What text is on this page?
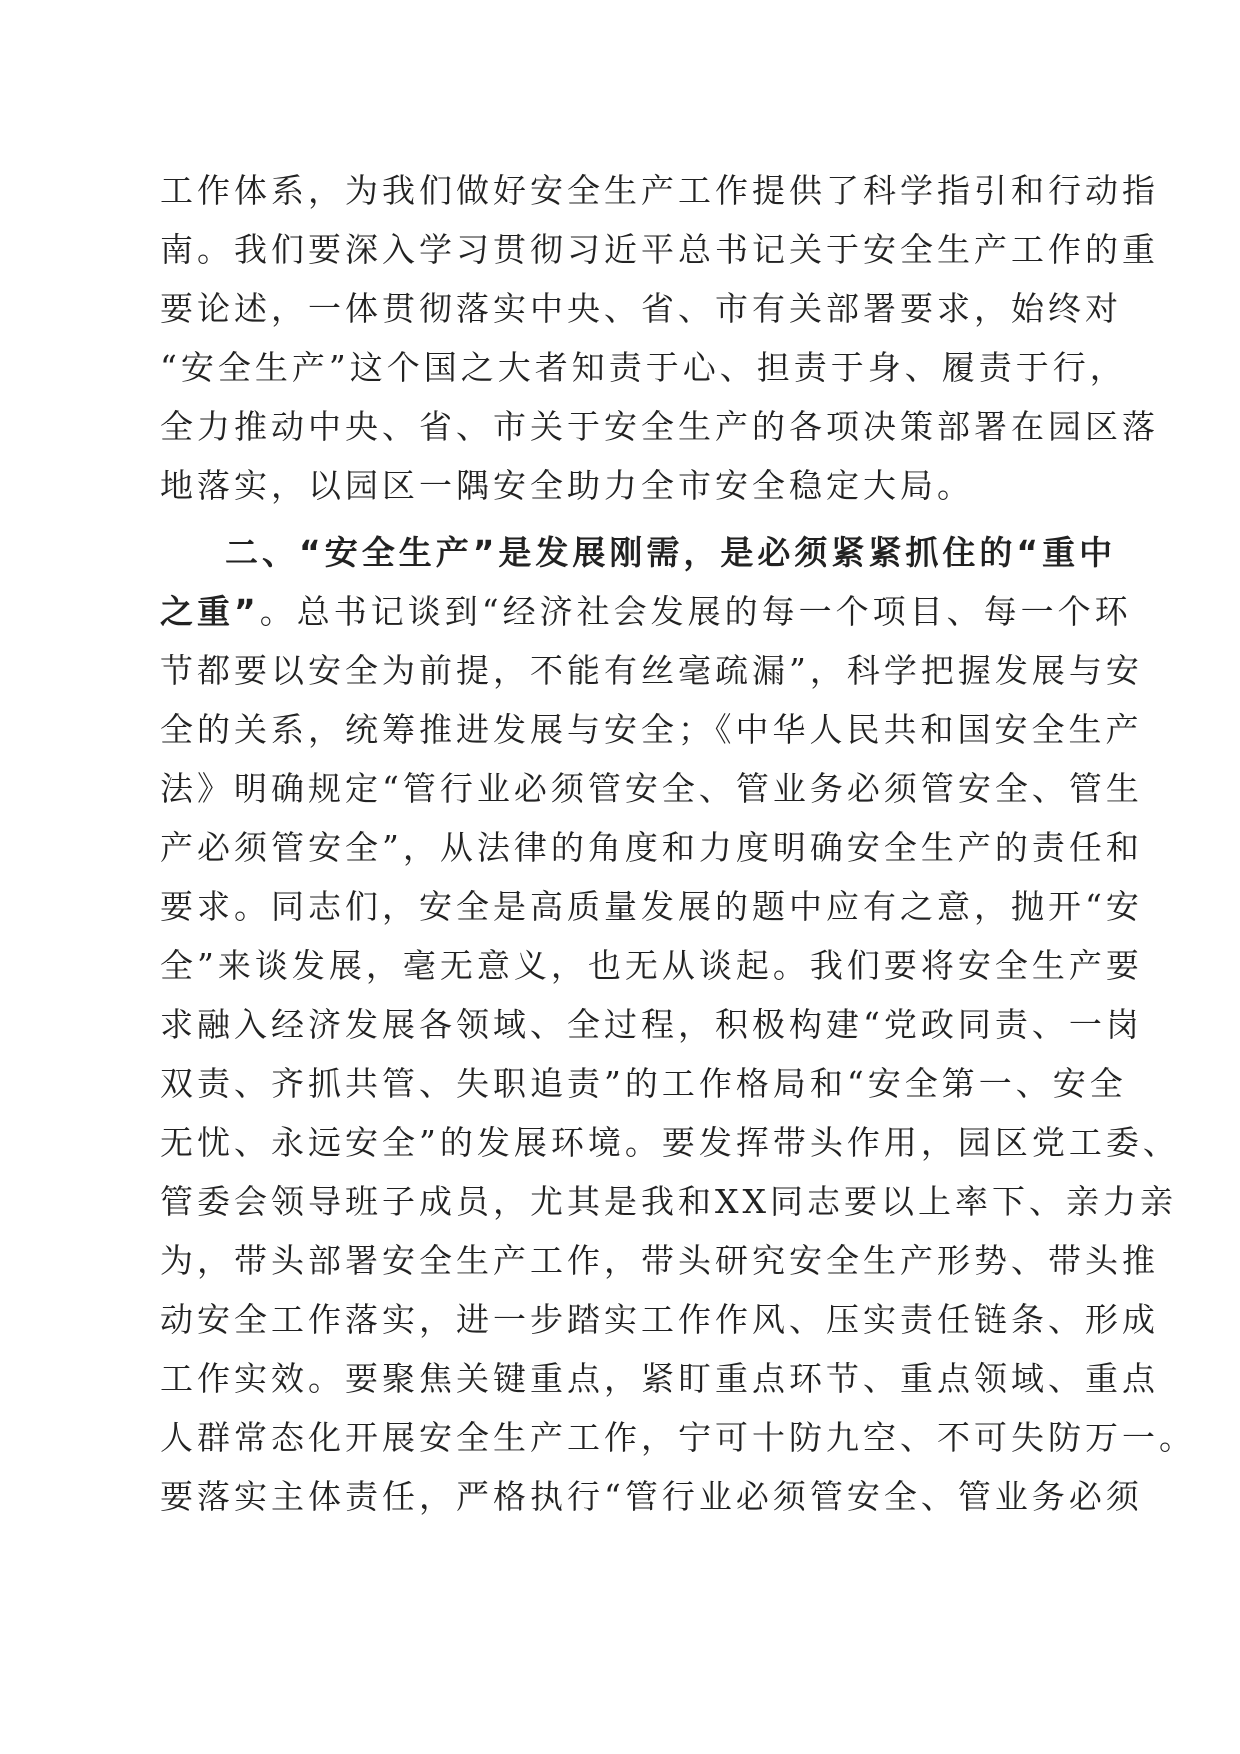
工作体系，为我们做好安全生产工作提供了科学指引和行动指
南。我们要深入学习贯彻习近平总书记关于安全生产工作的重
要论述，一体贯彻落实中央、省、市有关部署要求，始终对
“安全生产”这个国之大者知责于心、担责于身、履责于行，
全力推动中央、省、市关于安全生产的各项决策部署在园区落
地落实，以园区一隅安全助力全市安全稳定大局。
二、“安全生产”是发展刚需，是必须紧紧抓住的“重中
之重”。总书记谈到“经济社会发展的每一个项目、每一个环
节都要以安全为前提，不能有丝毫疏漏”，科学把握发展与安
全的关系，统筹推进发展与安全；《中华人民共和国安全生产
法》明确规定“管行业必须管安全、管业务必须管安全、管生
产必须管安全”，从法律的角度和力度明确安全生产的责任和
要求。同志们，安全是高质量发展的题中应有之意，抛开“安
全”来谈发展，毫无意义，也无从谈起。我们要将安全生产要
求融入经济发展各领域、全过程，积极构建“党政同责、一岗
双责、齐抓共管、失职追责”的工作格局和“安全第一、安全
无忧、永远安全”的发展环境。要发挥带头作用，园区党工委、
管委会领导班子成员，尤其是我和XX同志要以上率下、亲力亲
为，带头部署安全生产工作，带头研究安全生产形势、带头推
动安全工作落实，进一步踏实工作作风、压实责任链条、形成
工作实效。要聚焦关键重点，紧盯重点环节、重点领域、重点
人群常态化开展安全生产工作，宁可十防九空、不可失防万一。
要落实主体责任，严格执行“管行业必须管安全、管业务必须
